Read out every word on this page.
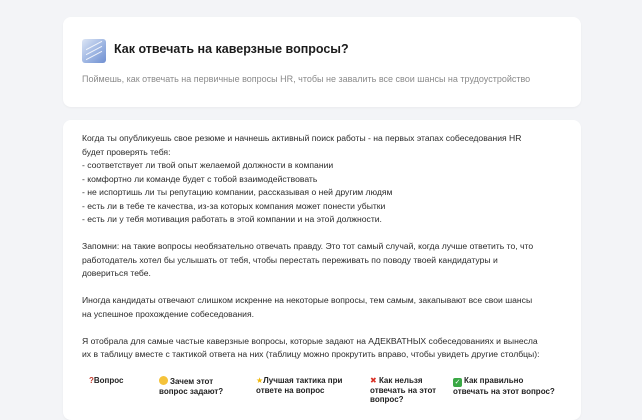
Как отвечать на каверзные вопросы?
Поймешь, как отвечать на первичные вопросы HR, чтобы не завалить все свои шансы на трудоустройство

Когда ты опубликуешь свое резюме и начнешь активный поиск работы - на первых этапах собеседования HR
будет проверять тебя:
- соответствует ли твой опыт желаемой должности в компании
- комфортно ли команде будет с тобой взаимодействовать
- не испортишь ли ты репутацию компании, рассказывая о ней другим людям
- есть ли в тебе те качества, из-за которых компания может понести убытки
- есть ли у тебя мотивация работать в этой компании и на этой должности.

Запомни: на такие вопросы необязательно отвечать правду. Это тот самый случай, когда лучше ответить то, что
работодатель хотел бы услышать от тебя, чтобы перестать переживать по поводу твоей кандидатуры и
довериться тебе.

Иногда кандидаты отвечают слишком искренне на некоторые вопросы, тем самым, закапывают все свои шансы
на успешное прохождение собеседования.

Я отобрала для самые частые каверзные вопросы, которые задают на АДЕКВАТНЫХ собеседованиях и вынесла
их в таблицу вместе с тактикой ответа на них (таблицу можно прокрутить вправо, чтобы увидеть другие столбцы):

?Вопрос	Зачем этот
вопрос задают?
★Лучшая тактика при
ответе на вопрос
✖ Как нельзя
отвечать на этот
вопрос?
✓ Как правильно
отвечать на этот вопрос?
